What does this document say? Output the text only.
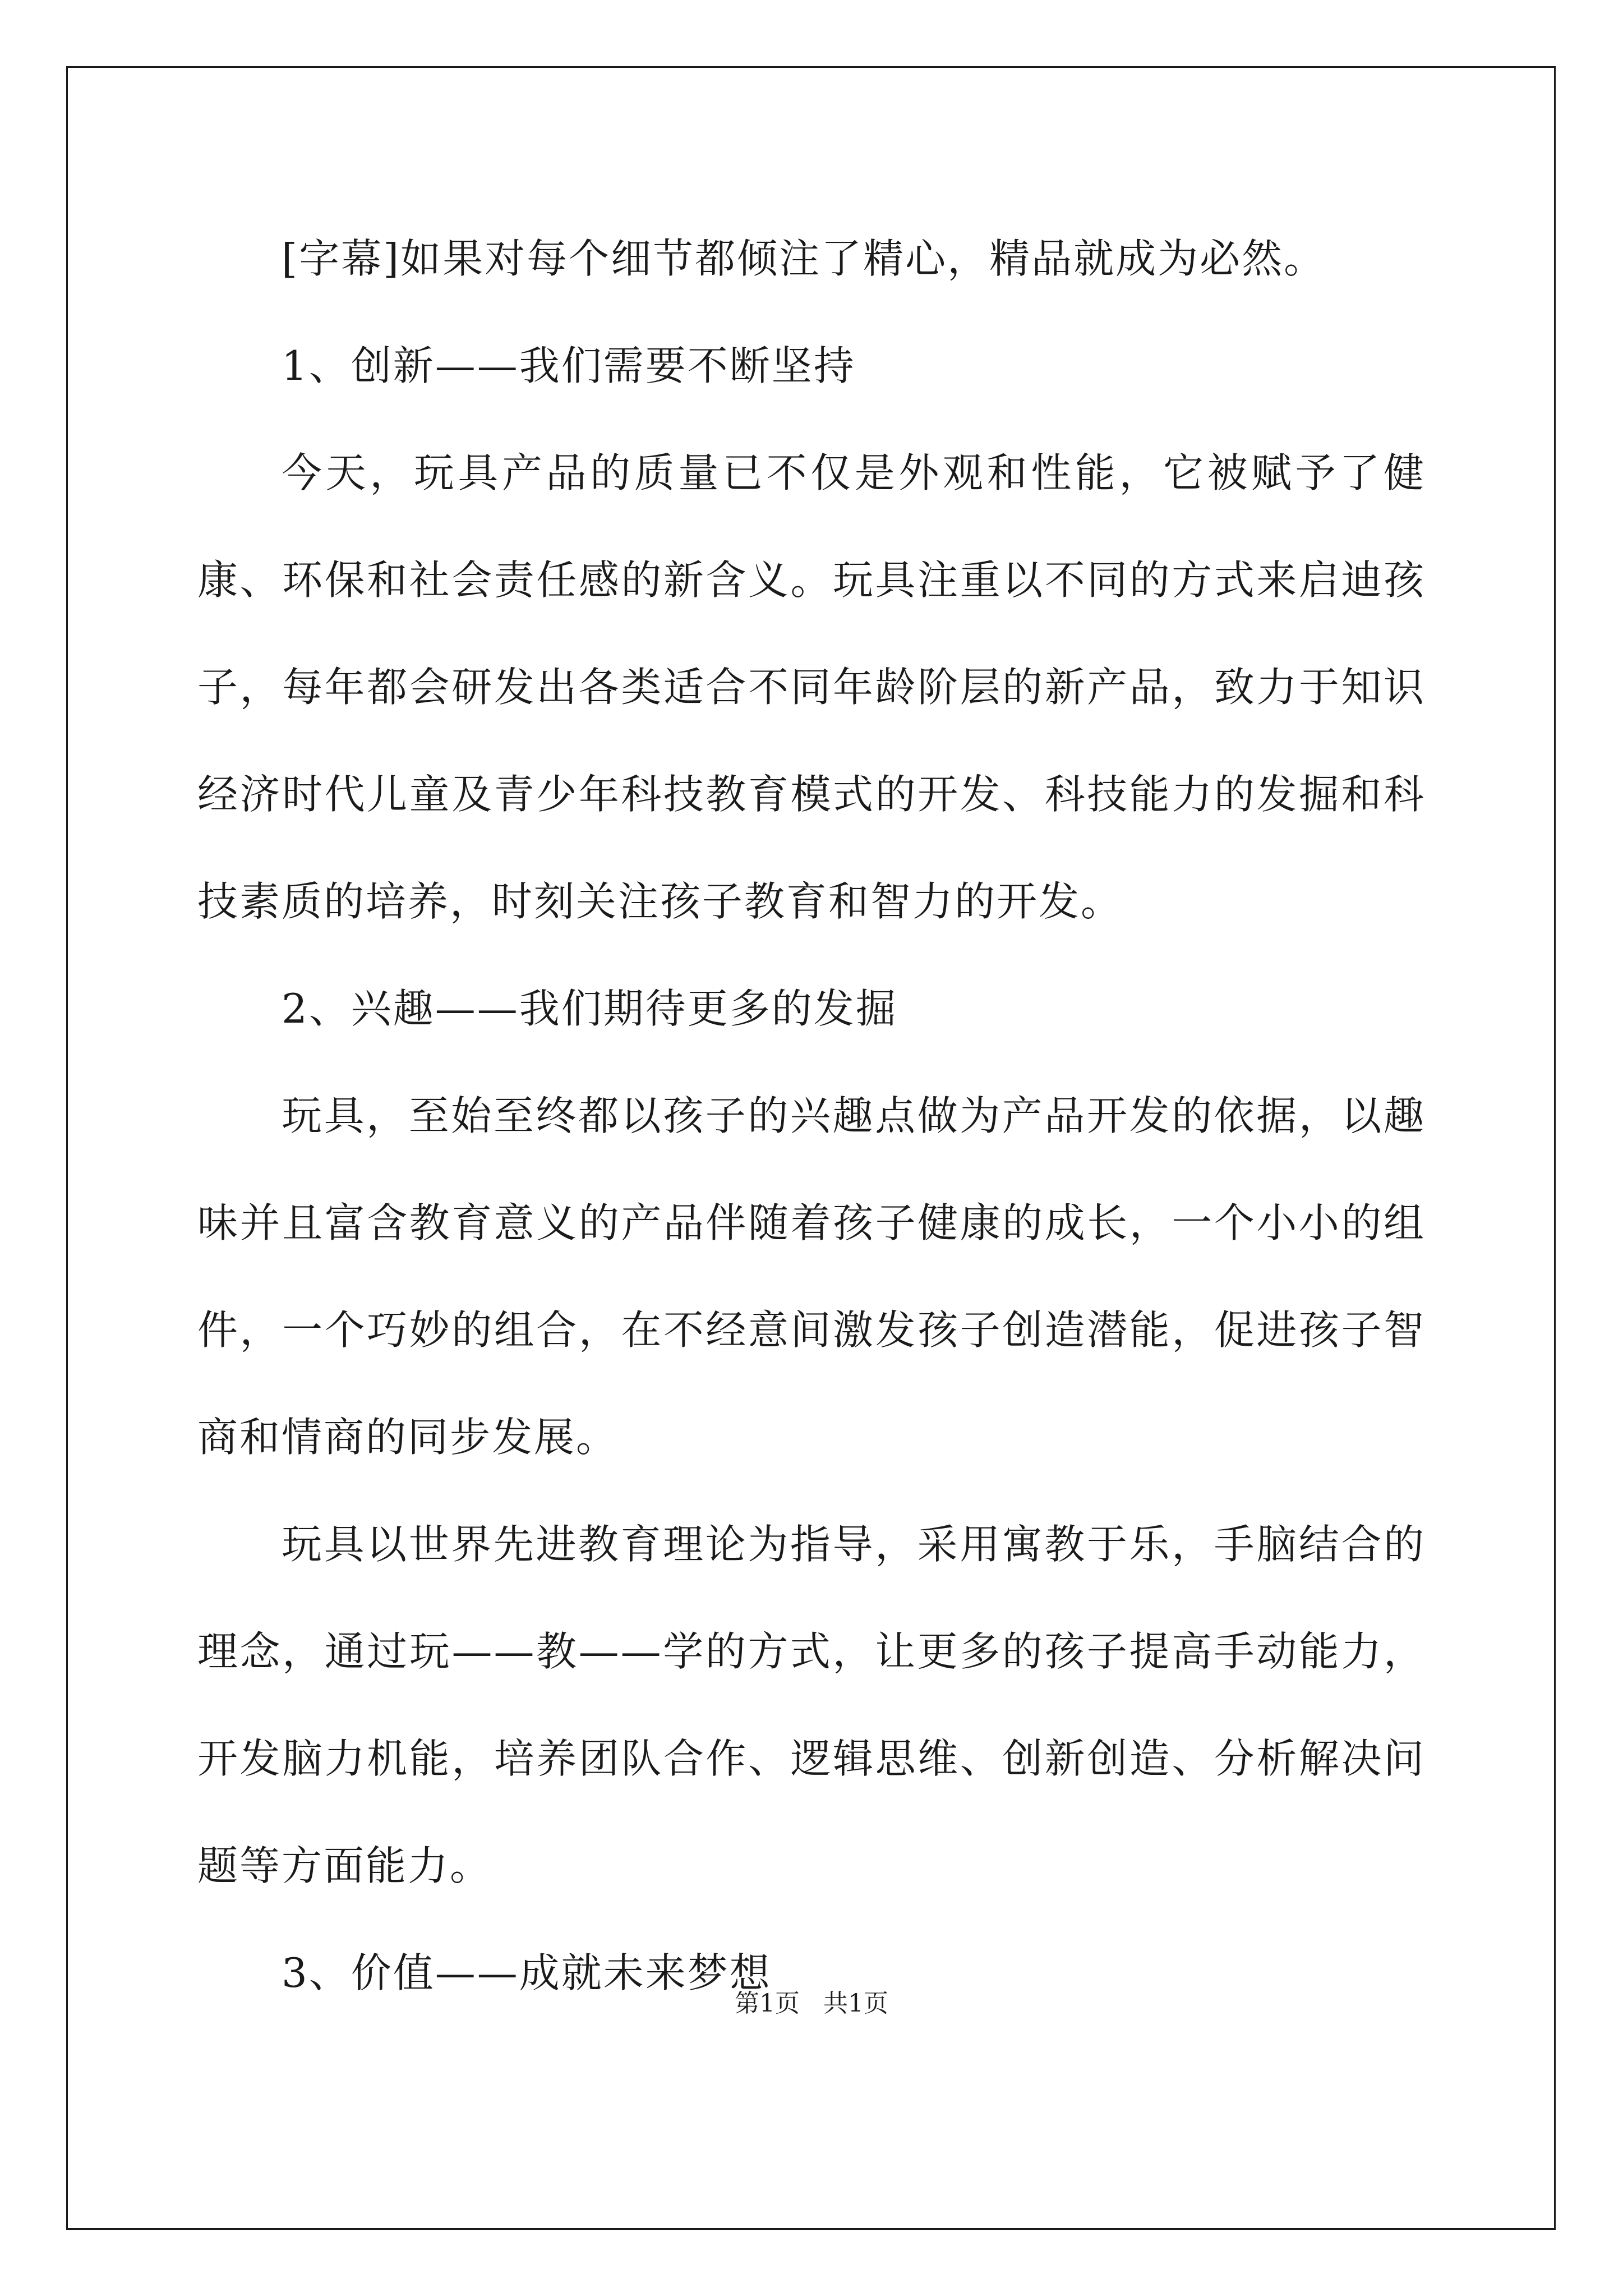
[字幕]如果对每个细节都倾注了精心，精品就成为必然。

1、创新——我们需要不断坚持

今天，玩具产品的质量已不仅是外观和性能，它被赋予了健康、环保和社会责任感的新含义。玩具注重以不同的方式来启迪孩子，每年都会研发出各类适合不同年龄阶层的新产品，致力于知识经济时代儿童及青少年科技教育模式的开发、科技能力的发掘和科技素质的培养，时刻关注孩子教育和智力的开发。

2、兴趣——我们期待更多的发掘

玩具，至始至终都以孩子的兴趣点做为产品开发的依据，以趣味并且富含教育意义的产品伴随着孩子健康的成长，一个小小的组件，一个巧妙的组合，在不经意间激发孩子创造潜能，促进孩子智商和情商的同步发展。

玩具以世界先进教育理论为指导，采用寓教于乐，手脑结合的理念，通过玩——教——学的方式，让更多的孩子提高手动能力，开发脑力机能，培养团队合作、逻辑思维、创新创造、分析解决问题等方面能力。

3、价值——成就未来梦想

第1页 共1页
